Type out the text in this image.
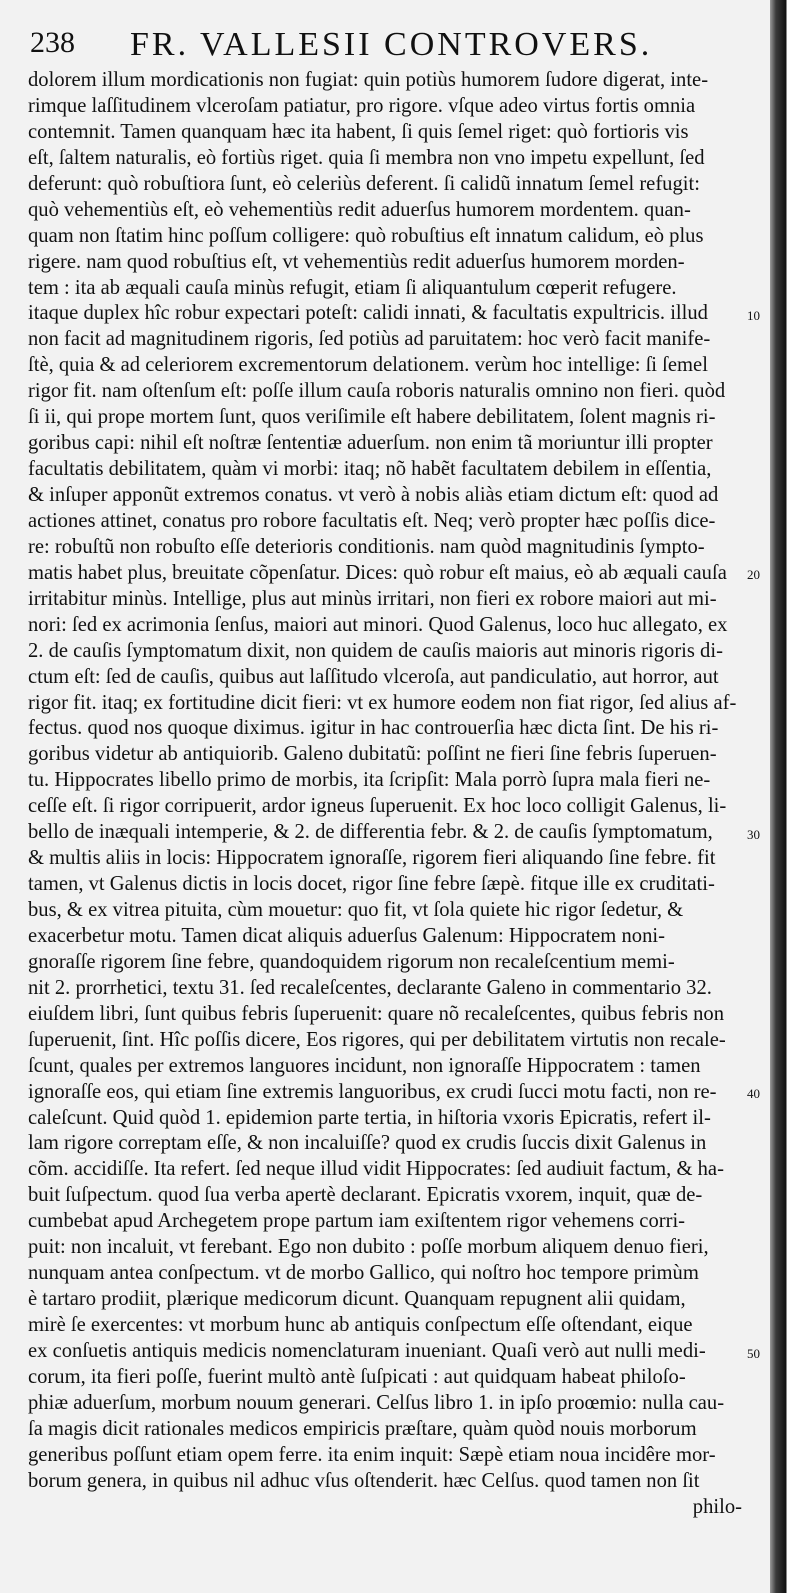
238 FR. VALLESII CONTROVERS.
dolorem illum mordicationis non fugiat: quin potiùs humorem ſudore digerat, inte-
rimque laſſitudinem vlceroſam patiatur, pro rigore. vſque adeo virtus fortis omnia
contemnit. Tamen quanquam hæc ita habent, ſi quis ſemel riget: quò fortioris vis
eſt, ſaltem naturalis, eò fortiùs riget. quia ſi membra non vno impetu expellunt, ſed
deferunt: quò robuſtiora ſunt, eò celeriùs deferent. ſi calidũ innatum ſemel refugit:
quò vehementiùs eſt, eò vehementiùs redit aduerſus humorem mordentem. quan-
quam non ſtatim hinc poſſum colligere: quò robuſtius eſt innatum calidum, eò plus
rigere. nam quod robuſtius eſt, vt vehementiùs redit aduerſus humorem morden-
tem : ita ab æquali cauſa minùs refugit, etiam ſi aliquantulum cœperit refugere.
itaque duplex hîc robur expectari poteſt: calidi innati, & facultatis expultricis. illud
non facit ad magnitudinem rigoris, ſed potiùs ad paruitatem: hoc verò facit manife-
ſtè, quia & ad celeriorem excrementorum delationem. verùm hoc intellige: ſi ſemel
rigor fit. nam oſtenſum eſt: poſſe illum cauſa roboris naturalis omnino non fieri. quòd
ſi ii, qui prope mortem ſunt, quos veriſimile eſt habere debilitatem, ſolent magnis ri-
goribus capi: nihil eſt noſtræ ſententiæ aduerſum. non enim tã moriuntur illi propter
facultatis debilitatem, quàm vi morbi: itaq; nõ habẽt facultatem debilem in eſſentia,
& inſuper apponũt extremos conatus. vt verò à nobis aliàs etiam dictum eſt: quod ad
actiones attinet, conatus pro robore facultatis eſt. Neq; verò propter hæc poſſis dice-
re: robuſtũ non robuſto eſſe deterioris conditionis. nam quòd magnitudinis ſympto-
matis habet plus, breuitate cõpenſatur. Dices: quò robur eſt maius, eò ab æquali cauſa
irritabitur minùs. Intellige, plus aut minùs irritari, non fieri ex robore maiori aut mi-
nori: ſed ex acrimonia ſenſus, maiori aut minori. Quod Galenus, loco huc allegato, ex
2. de cauſis ſymptomatum dixit, non quidem de cauſis maioris aut minoris rigoris di-
ctum eſt: ſed de cauſis, quibus aut laſſitudo vlceroſa, aut pandiculatio, aut horror, aut
rigor fit. itaq; ex fortitudine dicit fieri: vt ex humore eodem non fiat rigor, ſed alius af-
fectus. quod nos quoque diximus. igitur in hac controuerſia hæc dicta ſint. De his ri-
goribus videtur ab antiquiorib. Galeno dubitatũ: poſſint ne fieri ſine febris ſuperuen-
tu. Hippocrates libello primo de morbis, ita ſcripſit: Mala porrò ſupra mala fieri ne-
ceſſe eſt. ſi rigor corripuerit, ardor igneus ſuperuenit. Ex hoc loco colligit Galenus, li-
bello de inæquali intemperie, & 2. de differentia febr. & 2. de cauſis ſymptomatum,
& multis aliis in locis: Hippocratem ignoraſſe, rigorem fieri aliquando ſine febre. fit
tamen, vt Galenus dictis in locis docet, rigor ſine febre ſæpè. fitque ille ex cruditati-
bus, & ex vitrea pituita, cùm mouetur: quo fit, vt ſola quiete hic rigor ſedetur, &
exacerbetur motu. Tamen dicat aliquis aduerſus Galenum: Hippocratem noni-
gnoraſſe rigorem ſine febre, quandoquidem rigorum non recaleſcentium memi-
nit 2. prorrhetici, textu 31. ſed recaleſcentes, declarante Galeno in commentario 32.
eiuſdem libri, ſunt quibus febris ſuperuenit: quare nõ recaleſcentes, quibus febris non
ſuperuenit, ſint. Hîc poſſis dicere, Eos rigores, qui per debilitatem virtutis non recale-
ſcunt, quales per extremos languores incidunt, non ignoraſſe Hippocratem : tamen
ignoraſſe eos, qui etiam ſine extremis languoribus, ex crudi ſucci motu facti, non re-
caleſcunt. Quid quòd 1. epidemion parte tertia, in hiſtoria vxoris Epicratis, refert il-
lam rigore correptam eſſe, & non incaluiſſe? quod ex crudis ſuccis dixit Galenus in
cõm. accidiſſe. Ita refert. ſed neque illud vidit Hippocrates: ſed audiuit factum, & ha-
buit ſuſpectum. quod ſua verba apertè declarant. Epicratis vxorem, inquit, quæ de-
cumbebat apud Archegetem prope partum iam exiſtentem rigor vehemens corri-
puit: non incaluit, vt ferebant. Ego non dubito : poſſe morbum aliquem denuo fieri,
nunquam antea conſpectum. vt de morbo Gallico, qui noſtro hoc tempore primùm
è tartaro prodiit, plærique medicorum dicunt. Quanquam repugnent alii quidam,
mirè ſe exercentes: vt morbum hunc ab antiquis conſpectum eſſe oſtendant, eique
ex conſuetis antiquis medicis nomenclaturam inueniant. Quaſi verò aut nulli medi-
corum, ita fieri poſſe, fuerint multò antè ſuſpicati : aut quidquam habeat philoſo-
phiæ aduerſum, morbum nouum generari. Celſus libro 1. in ipſo proœmio: nulla cau-
ſa magis dicit rationales medicos empiricis præſtare, quàm quòd nouis morborum
generibus poſſunt etiam opem ferre. ita enim inquit: Sæpè etiam noua incidêre mor-
borum genera, in quibus nil adhuc vſus oſtenderit. hæc Celſus. quod tamen non ſit
philo-
10
20
30
40
50
